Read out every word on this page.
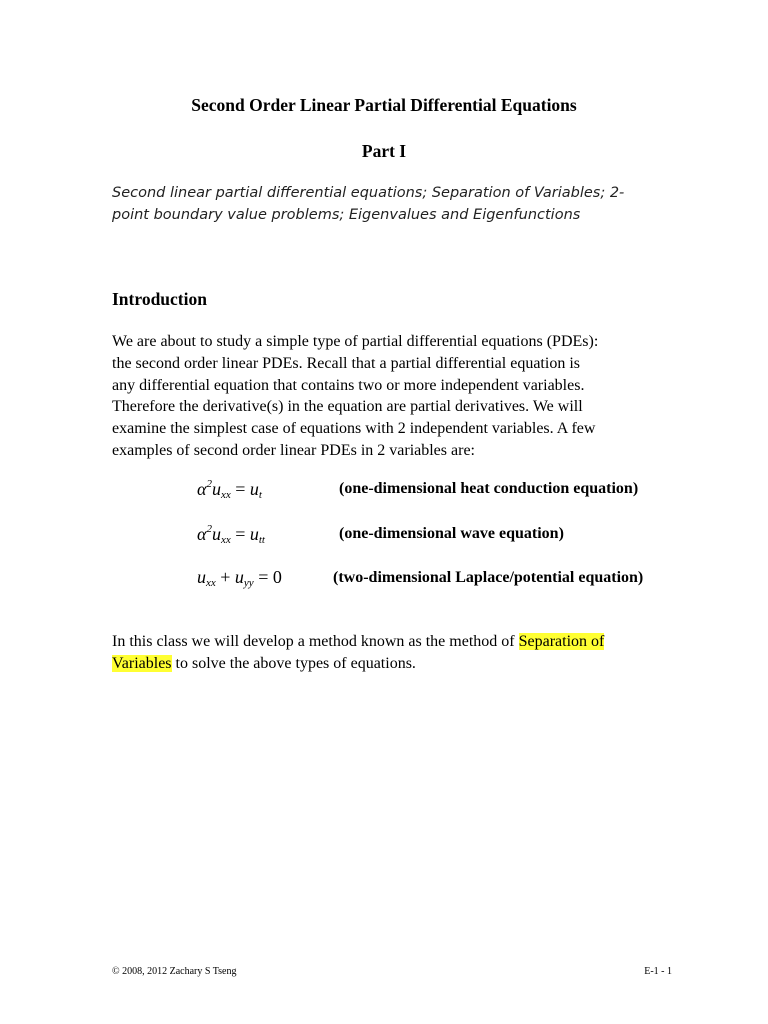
Second Order Linear Partial Differential Equations
Part I
Second linear partial differential equations; Separation of Variables; 2-
point boundary value problems; Eigenvalues and Eigenfunctions
Introduction
We are about to study a simple type of partial differential equations (PDEs):
the second order linear PDEs. Recall that a partial differential equation is
any differential equation that contains two or more independent variables.
Therefore the derivative(s) in the equation are partial derivatives. We will
examine the simplest case of equations with 2 independent variables. A few
examples of second order linear PDEs in 2 variables are:
$\alpha^2u_{xx} = u_t$	(one-dimensional heat conduction equation)
$\alpha^2u_{xx} = u_{tt}$	(one-dimensional wave equation)
$u_{xx} + u_{yy} = 0$	(two-dimensional Laplace/potential equation)
In this class we will develop a method known as the method of Separation of
Variables to solve the above types of equations.
© 2008, 2012 Zachary S Tseng	E-1 - 1
